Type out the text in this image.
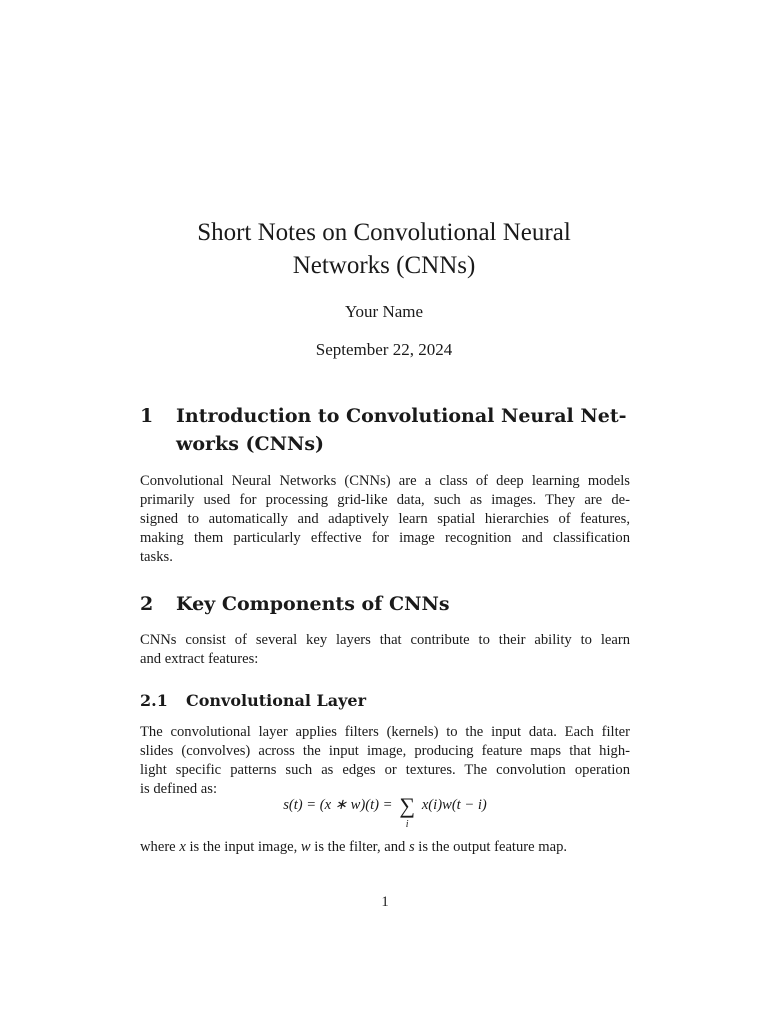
Short Notes on Convolutional Neural
Networks (CNNs)
Your Name
September 22, 2024
1	Introduction to Convolutional Neural Net-
works (CNNs)
Convolutional Neural Networks (CNNs) are a class of deep learning models
primarily used for processing grid-like data, such as images. They are de-
signed to automatically and adaptively learn spatial hierarchies of features,
making them particularly effective for image recognition and classification
tasks.
2	Key Components of CNNs
CNNs consist of several key layers that contribute to their ability to learn
and extract features:
2.1	Convolutional Layer
The convolutional layer applies filters (kernels) to the input data. Each filter
slides (convolves) across the input image, producing feature maps that high-
light specific patterns such as edges or textures. The convolution operation
is defined as:
s(t) = (x ∗ w)(t) = ∑
i
x(i)w(t − i)
where x is the input image, w is the filter, and s is the output feature map.
1
